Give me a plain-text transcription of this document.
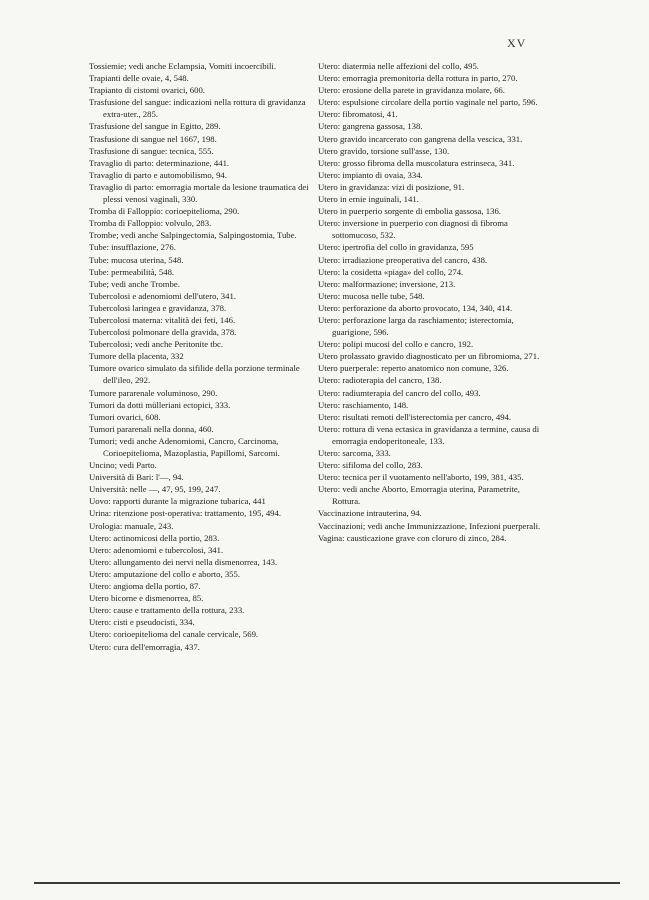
XV
Tossiemie; vedi anche Eclampsia, Vomiti incoercibili.
Trapianti delle ovaie, 4, 548.
Trapianto di cistomi ovarici, 600.
Trasfusione del sangue: indicazioni nella rottura di gravidanza extra-uter., 285.
Trasfusione del sangue in Egitto, 289.
Trasfusione di sangue nel 1667, 198.
Trasfusione di sangue: tecnica, 555.
Travaglio di parto: determinazione, 441.
Travaglio di parto e automobilismo, 94.
Travaglio di parto: emorragia mortale da lesione traumatica dei plessi venosi vaginali, 330.
Tromba di Falloppio: corioepitelioma, 290.
Tromba di Falloppio: volvulo, 283.
Trombe; vedi anche Salpingectomia, Salpingostomia, Tube.
Tube: insufflazione, 276.
Tube: mucosa uterina, 548.
Tube: permeabilità, 548.
Tube; vedi anche Trombe.
Tubercolosi e adenomiomi dell'utero, 341.
Tubercolosi laringea e gravidanza, 378.
Tubercolosi materna: vitalità dei feti, 146.
Tubercolosi polmonare della gravida, 378.
Tubercolosi; vedi anche Peritonite tbc.
Tumore della placenta, 332
Tumore ovarico simulato da sifilide della porzione terminale dell'ileo, 292.
Tumore pararenale voluminoso, 290.
Tumori da dotti mülleriani ectopici, 333.
Tumori ovarici, 608.
Tumori pararenali nella donna, 460.
Tumori; vedi anche Adenomiomi, Cancro, Carcinoma, Corioepitelioma, Mazoplastia, Papillomi, Sarcomi.
Uncino; vedi Parto.
Università di Bari: l'—, 94.
Università: nelle —, 47, 95, 199, 247.
Uovo: rapporti durante la migrazione tubarica, 441
Urina: ritenzione post-operativa: trattamento, 195, 494.
Urologia: manuale, 243.
Utero: actinomicosi della portio, 283.
Utero: adenomiomi e tubercolosi, 341.
Utero: allungamento dei nervi nella dismenorrea, 143.
Utero: amputazione del collo e aborto, 355.
Utero: angioma della portio, 87.
Utero bicorne e dismenorrea, 85.
Utero: cause e trattamento della rottura, 233.
Utero: cisti e pseudocisti, 334.
Utero: corioepitelioma del canale cervicale, 569.
Utero: cura dell'emorragia, 437.
Utero: diatermia nelle affezioni del collo, 495.
Utero: emorragia premonitoria della rottura in parto, 270.
Utero: erosione della parete in gravidanza molare, 66.
Utero: espulsione circolare della portio vaginale nel parto, 596.
Utero: fibromatosi, 41.
Utero: gangrena gassosa, 138.
Utero gravido incarcerato con gangrena della vescica, 331.
Utero gravido, torsione sull'asse, 130.
Utero: grosso fibroma della muscolatura estrinseca, 341.
Utero: impianto di ovaia, 334.
Utero in gravidanza: vizi di posizione, 91.
Utero in ernie inguinali, 141.
Utero in puerperio sorgente di embolia gassosa, 136.
Utero: inversione in puerperio con diagnosi di fibroma sottomucoso, 532.
Utero: ipertrofia del collo in gravidanza, 595
Utero: irradiazione preoperativa del cancro, 438.
Utero: la cosidetta «piaga» del collo, 274.
Utero: malformazione; inversione, 213.
Utero: mucosa nelle tube, 548.
Utero: perforazione da aborto provocato, 134, 340, 414.
Utero: perforazione larga da raschiamento; isterectomia, guarigione, 596.
Utero: polipi mucosi del collo e cancro, 192.
Utero prolassato gravido diagnosticato per un fibromioma, 271.
Utero puerperale: reperto anatomico non comune, 326.
Utero: radioterapia del cancro, 138.
Utero: radiumterapia del cancro del collo, 493.
Utero: raschiamento, 148.
Utero: risultati remoti dell'isterectomia per cancro, 494.
Utero: rottura di vena ectasica in gravidanza a termine, causa di emorragia endoperitoneale, 133.
Utero: sarcoma, 333.
Utero: sifiloma del collo, 283.
Utero: tecnica per il vuotamento nell'aborto, 199, 381, 435.
Utero: vedi anche Aborto, Emorragia uterina, Parametrite, Rottura.
Vaccinazione intrauterina, 94.
Vaccinazioni; vedi anche Immunizzazione, Infezioni puerperali.
Vagina: causticazione grave con cloruro di zinco, 284.
